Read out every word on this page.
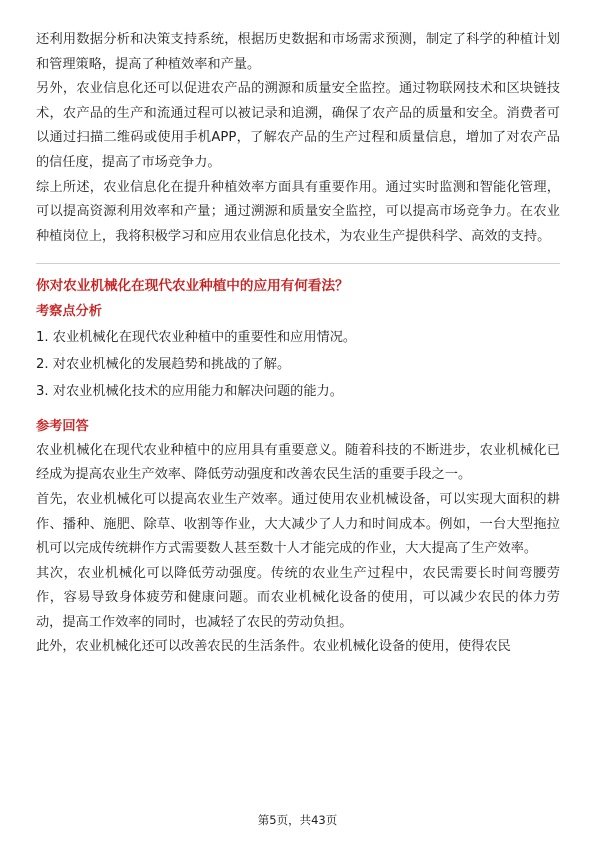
还利用数据分析和决策支持系统，根据历史数据和市场需求预测，制定了科学的种植计划和管理策略，提高了种植效率和产量。

另外，农业信息化还可以促进农产品的溯源和质量安全监控。通过物联网技术和区块链技术，农产品的生产和流通过程可以被记录和追溯，确保了农产品的质量和安全。消费者可以通过扫描二维码或使用手机APP，了解农产品的生产过程和质量信息，增加了对农产品的信任度，提高了市场竞争力。

综上所述，农业信息化在提升种植效率方面具有重要作用。通过实时监测和智能化管理，可以提高资源利用效率和产量；通过溯源和质量安全监控，可以提高市场竞争力。在农业种植岗位上，我将积极学习和应用农业信息化技术，为农业生产提供科学、高效的支持。

你对农业机械化在现代农业种植中的应用有何看法？

考察点分析

1. 农业机械化在现代农业种植中的重要性和应用情况。

2. 对农业机械化的发展趋势和挑战的了解。

3. 对农业机械化技术的应用能力和解决问题的能力。

参考回答

农业机械化在现代农业种植中的应用具有重要意义。随着科技的不断进步，农业机械化已经成为提高农业生产效率、降低劳动强度和改善农民生活的重要手段之一。

首先，农业机械化可以提高农业生产效率。通过使用农业机械设备，可以实现大面积的耕作、播种、施肥、除草、收割等作业，大大减少了人力和时间成本。例如，一台大型拖拉机可以完成传统耕作方式需要数人甚至数十人才能完成的作业，大大提高了生产效率。

其次，农业机械化可以降低劳动强度。传统的农业生产过程中，农民需要长时间弯腰劳作，容易导致身体疲劳和健康问题。而农业机械化设备的使用，可以减少农民的体力劳动，提高工作效率的同时，也减轻了农民的劳动负担。

此外，农业机械化还可以改善农民的生活条件。农业机械化设备的使用，使得农民

第5页，共43页
